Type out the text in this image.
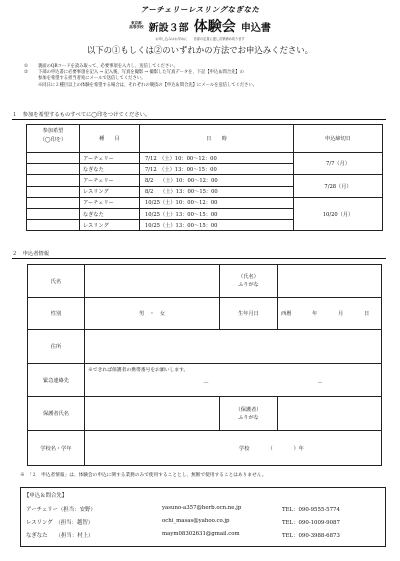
アーチェリーレスリングなぎなた
東京都
高等学校 新設３部 体験会 申込書
お申し込みはお早めに　　各部の定員に達し次第締め切ります
以下の①もしくは②のいずれかの方法でお申込みください。
①	裏面のQRコードを読み取って、必要事項を入力し、送信してください。
②	下部の申込書に必要事項を記入 → 記入後、写真を撮影 → 撮影した写真データを、下記【申込＆問合先】の
参加を希望する担当者宛にメールで送信してください。
※同日に２種目以上の体験を希望する場合は、それぞれの競技の【申込＆問合先】にメールを送信してください。
１　参加を希望するものすべてに◯印をつけてください。
参加希望
（◯印を）	種　　目	日　　時	申込締切日
	アーチェリー	7/12　（土）10：00～12：00	7/7（月）
	なぎなた	7/12　（土）13：00～15：00	
	アーチェリー	8/2　 （土）10：00～12：00	7/28（月）
	レスリング	8/2　 （土）13：00～15：00	
	アーチェリー	10/25（土）10：00～12：00	10/20（月）
	なぎなた	10/25（土）13：00～15：00	
	レスリング	10/25（土）13：00～15：00	
２　申込者情報
氏名		（氏名）
ふりがな	
性別	男　・　女	生年月日	西暦　　　　年　　　　月　　　　日
住所			
緊急連絡先	※できれば保護者の携帯番号をお願いします。
－ －		

保護者氏名		（保護者）
ふりがな	
学校名・学年	学校　　　　（　　　　）年		
※　「２　申込者情報」は、体験会の申込に関する業務のみで使用することとし、無断で使用することはありません。
【申込＆問合先】
アーチェリー（担当：安野）	yasuno-a357@herb.ocn.ne.jp	TEL：090-9555-5774
レスリング　（担当：越智）	ochi_masas@yahoo.co.jp	TEL：090-1009-9087
なぎなた　　（担当：村上）	maym08302631@gmail.com	TEL：090-3988-6873
